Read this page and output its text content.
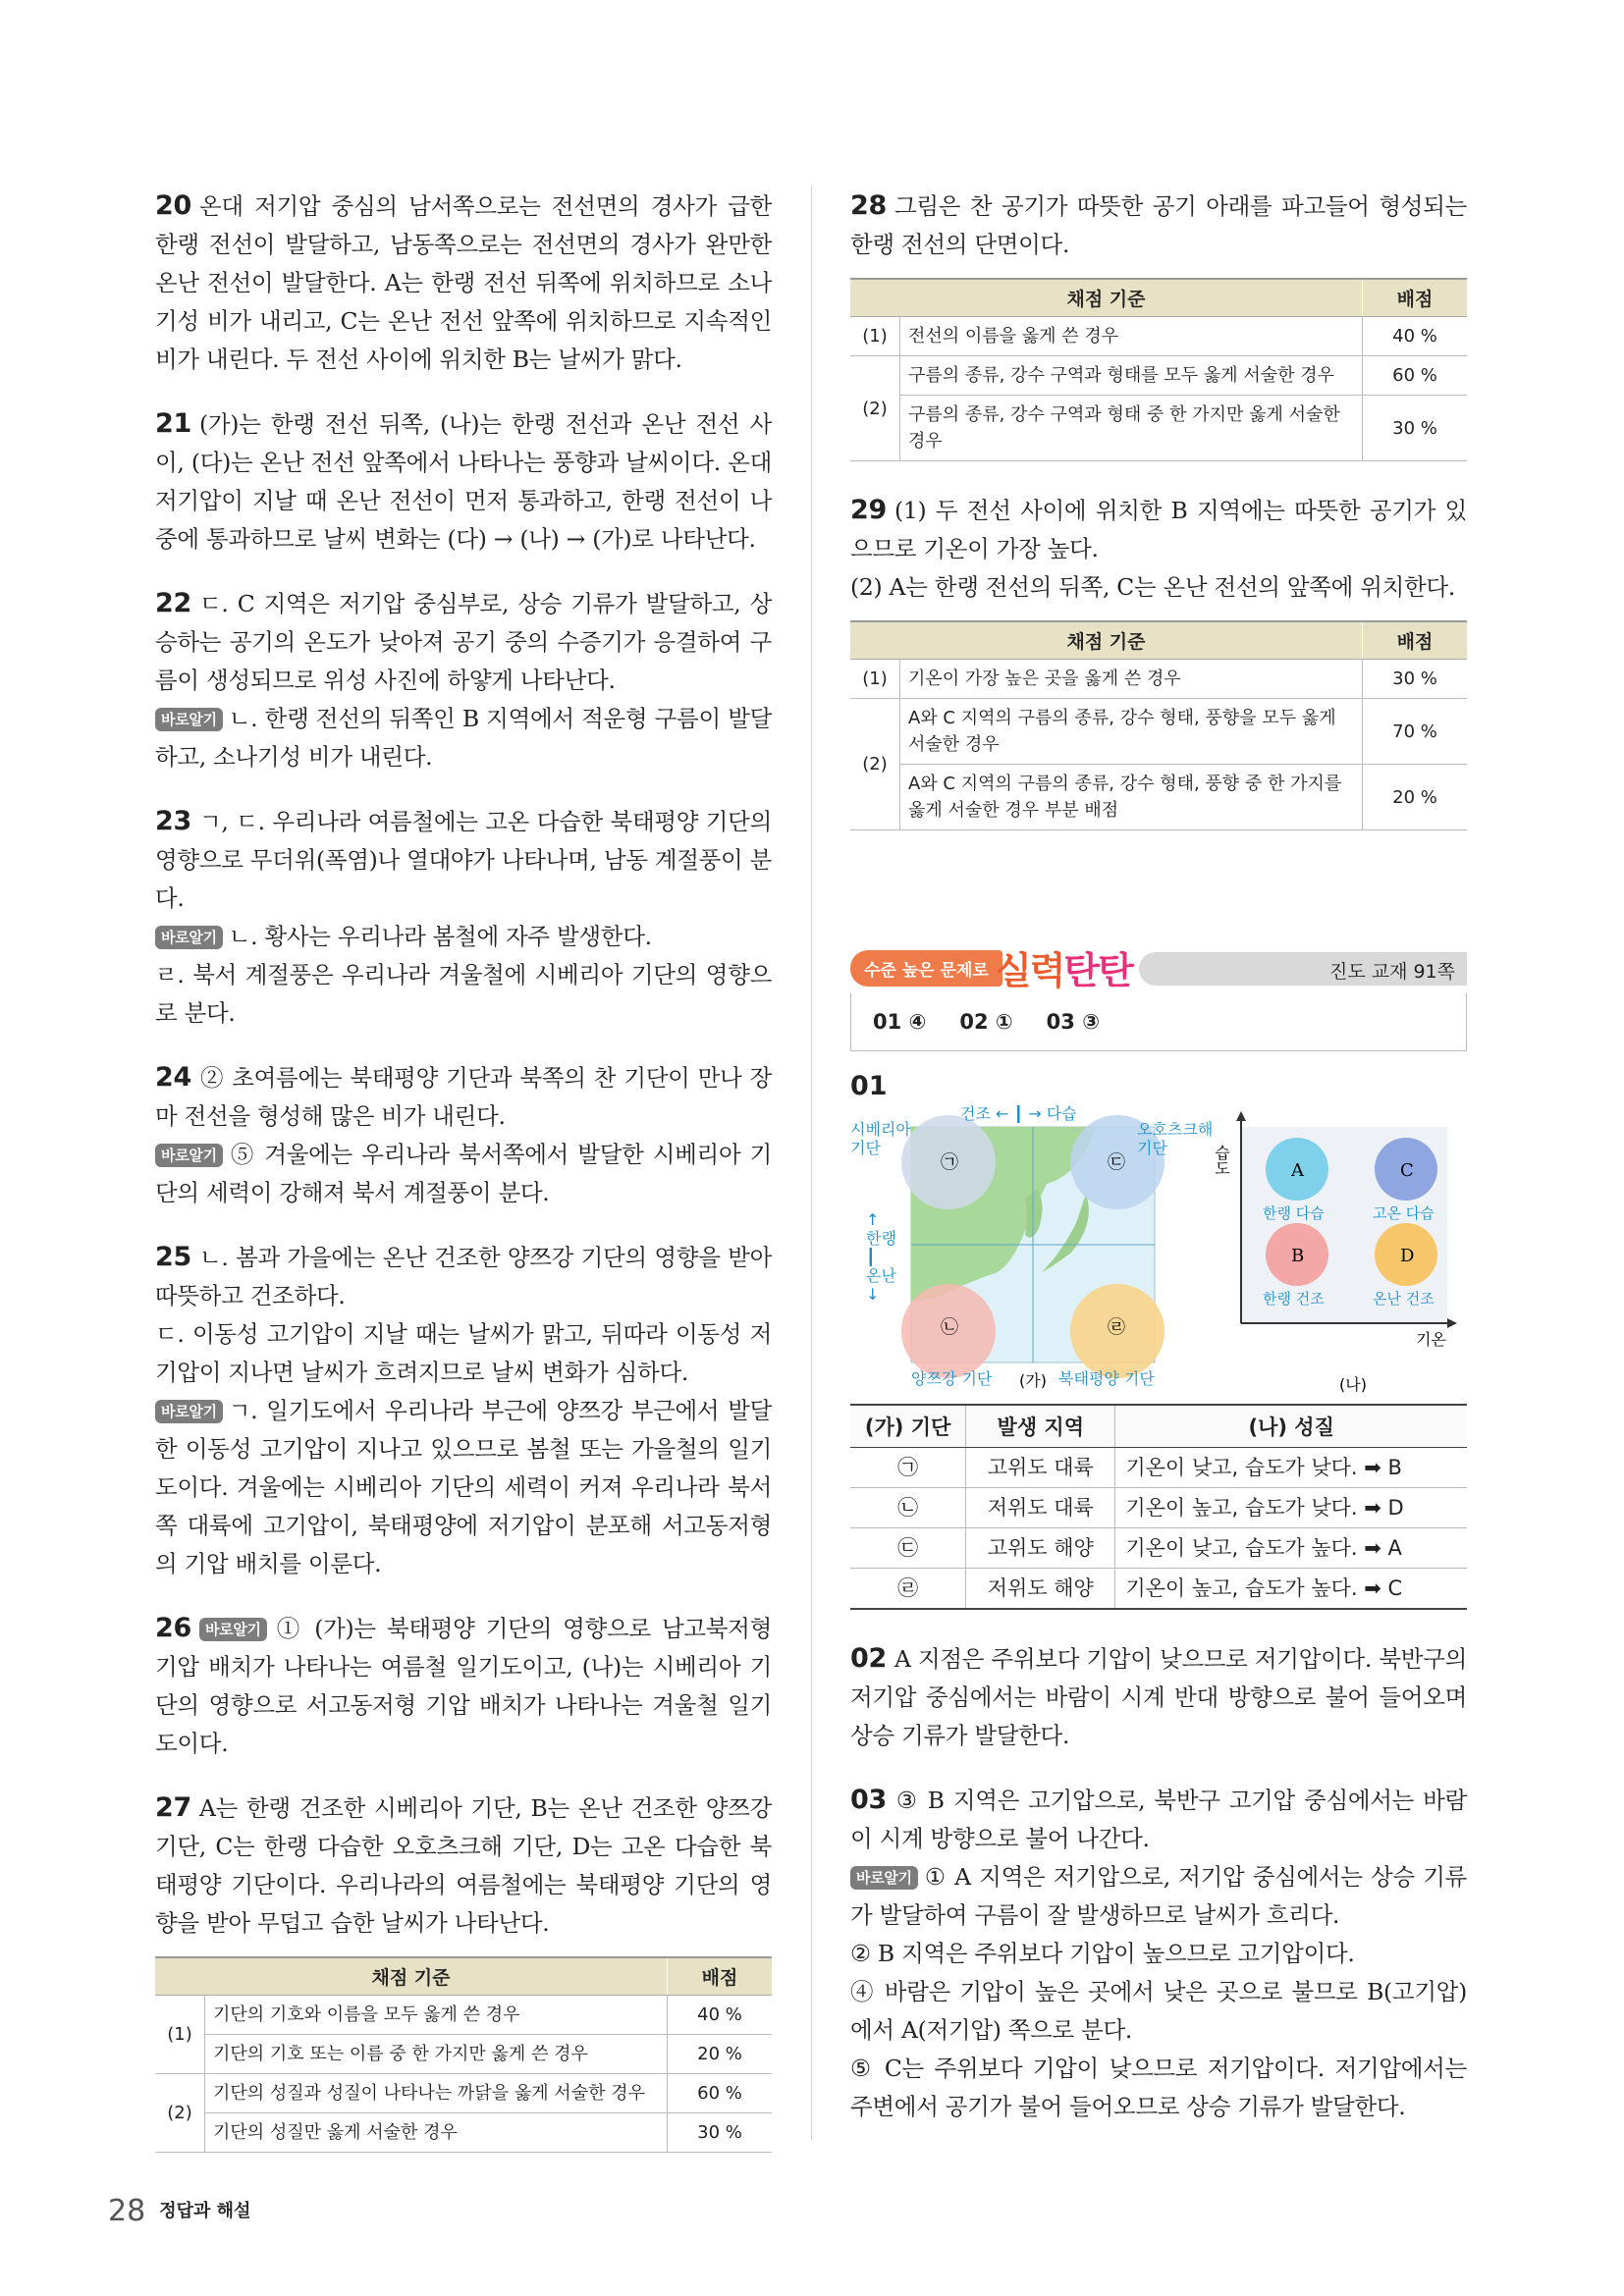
20 온대 저기압 중심의 남서쪽으로는 전선면의 경사가 급한 한랭 전선이 발달하고, 남동쪽으로는 전선면의 경사가 완만한 온난 전선이 발달한다. A는 한랭 전선 뒤쪽에 위치하므로 소나기성 비가 내리고, C는 온난 전선 앞쪽에 위치하므로 지속적인 비가 내린다. 두 전선 사이에 위치한 B는 날씨가 맑다.

21 (가)는 한랭 전선 뒤쪽, (나)는 한랭 전선과 온난 전선 사이, (다)는 온난 전선 앞쪽에서 나타나는 풍향과 날씨이다. 온대 저기압이 지날 때 온난 전선이 먼저 통과하고, 한랭 전선이 나중에 통과하므로 날씨 변화는 (다) → (나) → (가)로 나타난다.

22 ㄷ. C 지역은 저기압 중심부로, 상승 기류가 발달하고, 상승하는 공기의 온도가 낮아져 공기 중의 수증기가 응결하여 구름이 생성되므로 위성 사진에 하얗게 나타난다.

바로알기 ㄴ. 한랭 전선의 뒤쪽인 B 지역에서 적운형 구름이 발달하고, 소나기성 비가 내린다.

23 ㄱ, ㄷ. 우리나라 여름철에는 고온 다습한 북태평양 기단의 영향으로 무더위(폭염)나 열대야가 나타나며, 남동 계절풍이 분다.

바로알기 ㄴ. 황사는 우리나라 봄철에 자주 발생한다.

ㄹ. 북서 계절풍은 우리나라 겨울철에 시베리아 기단의 영향으로 분다.

24 ② 초여름에는 북태평양 기단과 북쪽의 찬 기단이 만나 장마 전선을 형성해 많은 비가 내린다.

바로알기 ⑤ 겨울에는 우리나라 북서쪽에서 발달한 시베리아 기단의 세력이 강해져 북서 계절풍이 분다.

25 ㄴ. 봄과 가을에는 온난 건조한 양쯔강 기단의 영향을 받아 따뜻하고 건조하다.

ㄷ. 이동성 고기압이 지날 때는 날씨가 맑고, 뒤따라 이동성 저기압이 지나면 날씨가 흐려지므로 날씨 변화가 심하다.

바로알기 ㄱ. 일기도에서 우리나라 부근에 양쯔강 부근에서 발달한 이동성 고기압이 지나고 있으므로 봄철 또는 가을철의 일기도이다. 겨울에는 시베리아 기단의 세력이 커져 우리나라 북서쪽 대륙에 고기압이, 북태평양에 저기압이 분포해 서고동저형의 기압 배치를 이룬다.

26 바로알기 ① (가)는 북태평양 기단의 영향으로 남고북저형 기압 배치가 나타나는 여름철 일기도이고, (나)는 시베리아 기단의 영향으로 서고동저형 기압 배치가 나타나는 겨울철 일기도이다.

27 A는 한랭 건조한 시베리아 기단, B는 온난 건조한 양쯔강 기단, C는 한랭 다습한 오호츠크해 기단, D는 고온 다습한 북태평양 기단이다. 우리나라의 여름철에는 북태평양 기단의 영향을 받아 무덥고 습한 날씨가 나타난다.

채점 기준		배점
(1)	기단의 기호와 이름을 모두 옳게 쓴 경우	40 %
	기단의 기호 또는 이름 중 한 가지만 옳게 쓴 경우	20 %
(2)	기단의 성질과 성질이 나타나는 까닭을 옳게 서술한 경우	60 %
	기단의 성질만 옳게 서술한 경우	30 %

28 그림은 찬 공기가 따뜻한 공기 아래를 파고들어 형성되는 한랭 전선의 단면이다.

채점 기준		배점
(1)	전선의 이름을 옳게 쓴 경우	40 %
(2)	구름의 종류, 강수 구역과 형태를 모두 옳게 서술한 경우	60 %
	구름의 종류, 강수 구역과 형태 중 한 가지만 옳게 서술한 경우	30 %

29 (1) 두 전선 사이에 위치한 B 지역에는 따뜻한 공기가 있으므로 기온이 가장 높다.

(2) A는 한랭 전선의 뒤쪽, C는 온난 전선의 앞쪽에 위치한다.

채점 기준		배점
(1)	기온이 가장 높은 곳을 옳게 쓴 경우	30 %
(2)	A와 C 지역의 구름의 종류, 강수 형태, 풍향을 모두 옳게 서술한 경우	70 %
	A와 C 지역의 구름의 종류, 강수 형태, 풍향 중 한 가지를 옳게 서술한 경우 부분 배점	20 %
수준 높은 문제로 실력탄탄	진도 교재 91쪽
01 ④ 02 ① 03 ③
01
㉠
㉡
㉢
㉣
건조 ← ┃ → 다습
시베리아 기단
오호츠크해 기단
↑ 한랭 ┃ 온난 ↓
양쯔강 기단 (가) 북태평양 기단
습도
기온
A	C
B	D
한랭 다습	고온 다습
한랭 건조	온난 건조
(나)
(가) 기단	발생 지역	(나) 성질
㉠	고위도 대륙	기온이 낮고, 습도가 낮다. ➡ B
㉡	저위도 대륙	기온이 높고, 습도가 낮다. ➡ D
㉢	고위도 해양	기온이 낮고, 습도가 높다. ➡ A
㉣	저위도 해양	기온이 높고, 습도가 높다. ➡ C

02 A 지점은 주위보다 기압이 낮으므로 저기압이다. 북반구의 저기압 중심에서는 바람이 시계 반대 방향으로 불어 들어오며 상승 기류가 발달한다.

03 ③ B 지역은 고기압으로, 북반구 고기압 중심에서는 바람이 시계 방향으로 불어 나간다.

바로알기 ① A 지역은 저기압으로, 저기압 중심에서는 상승 기류가 발달하여 구름이 잘 발생하므로 날씨가 흐리다.

② B 지역은 주위보다 기압이 높으므로 고기압이다.

④ 바람은 기압이 높은 곳에서 낮은 곳으로 불므로 B(고기압)에서 A(저기압) 쪽으로 분다.

⑤ C는 주위보다 기압이 낮으므로 저기압이다. 저기압에서는 주변에서 공기가 불어 들어오므로 상승 기류가 발달한다.

28 정답과 해설
